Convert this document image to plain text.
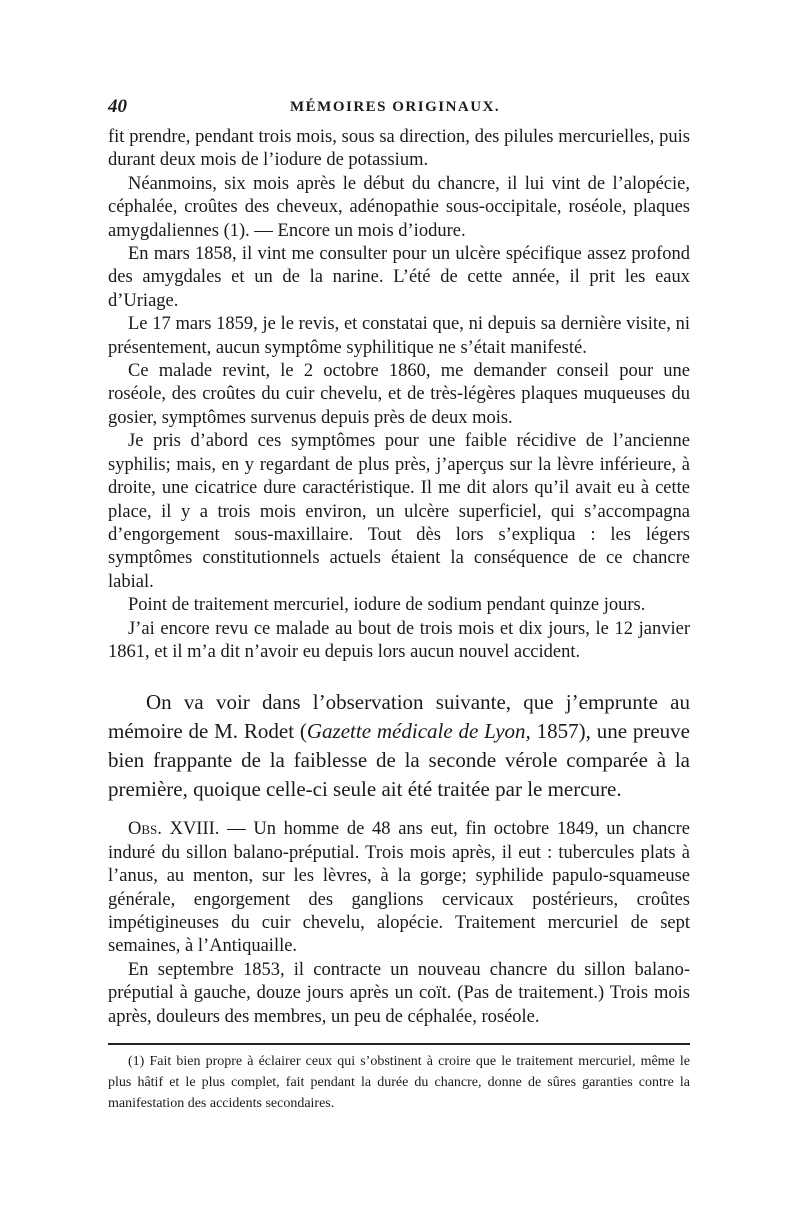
40	MÉMOIRES ORIGINAUX.

fit prendre, pendant trois mois, sous sa direction, des pilules mercurielles, puis durant deux mois de l’iodure de potassium.

Néanmoins, six mois après le début du chancre, il lui vint de l’alopécie, céphalée, croûtes des cheveux, adénopathie sous-occipitale, roséole, plaques amygdaliennes (1). — Encore un mois d’iodure.

En mars 1858, il vint me consulter pour un ulcère spécifique assez profond des amygdales et un de la narine. L’été de cette année, il prit les eaux d’Uriage.

Le 17 mars 1859, je le revis, et constatai que, ni depuis sa dernière visite, ni présentement, aucun symptôme syphilitique ne s’était manifesté.

Ce malade revint, le 2 octobre 1860, me demander conseil pour une roséole, des croûtes du cuir chevelu, et de très-légères plaques muqueuses du gosier, symptômes survenus depuis près de deux mois.

Je pris d’abord ces symptômes pour une faible récidive de l’ancienne syphilis; mais, en y regardant de plus près, j’aperçus sur la lèvre inférieure, à droite, une cicatrice dure caractéristique. Il me dit alors qu’il avait eu à cette place, il y a trois mois environ, un ulcère superficiel, qui s’accompagna d’engorgement sous-maxillaire. Tout dès lors s’expliqua : les légers symptômes constitutionnels actuels étaient la conséquence de ce chancre labial.

Point de traitement mercuriel, iodure de sodium pendant quinze jours.

J’ai encore revu ce malade au bout de trois mois et dix jours, le 12 janvier 1861, et il m’a dit n’avoir eu depuis lors aucun nouvel accident.

On va voir dans l’observation suivante, que j’emprunte au mémoire de M. Rodet (Gazette médicale de Lyon, 1857), une preuve bien frappante de la faiblesse de la seconde vérole comparée à la première, quoique celle-ci seule ait été traitée par le mercure.

Obs. XVIII. — Un homme de 48 ans eut, fin octobre 1849, un chancre induré du sillon balano-préputial. Trois mois après, il eut : tubercules plats à l’anus, au menton, sur les lèvres, à la gorge; syphilide papulo-squameuse générale, engorgement des ganglions cervicaux postérieurs, croûtes impétigineuses du cuir chevelu, alopécie. Traitement mercuriel de sept semaines, à l’Antiquaille.

En septembre 1853, il contracte un nouveau chancre du sillon balano-préputial à gauche, douze jours après un coït. (Pas de traitement.) Trois mois après, douleurs des membres, un peu de céphalée, roséole.

(1) Fait bien propre à éclairer ceux qui s’obstinent à croire que le traitement mercuriel, même le plus hâtif et le plus complet, fait pendant la durée du chancre, donne de sûres garanties contre la manifestation des accidents secondaires.
